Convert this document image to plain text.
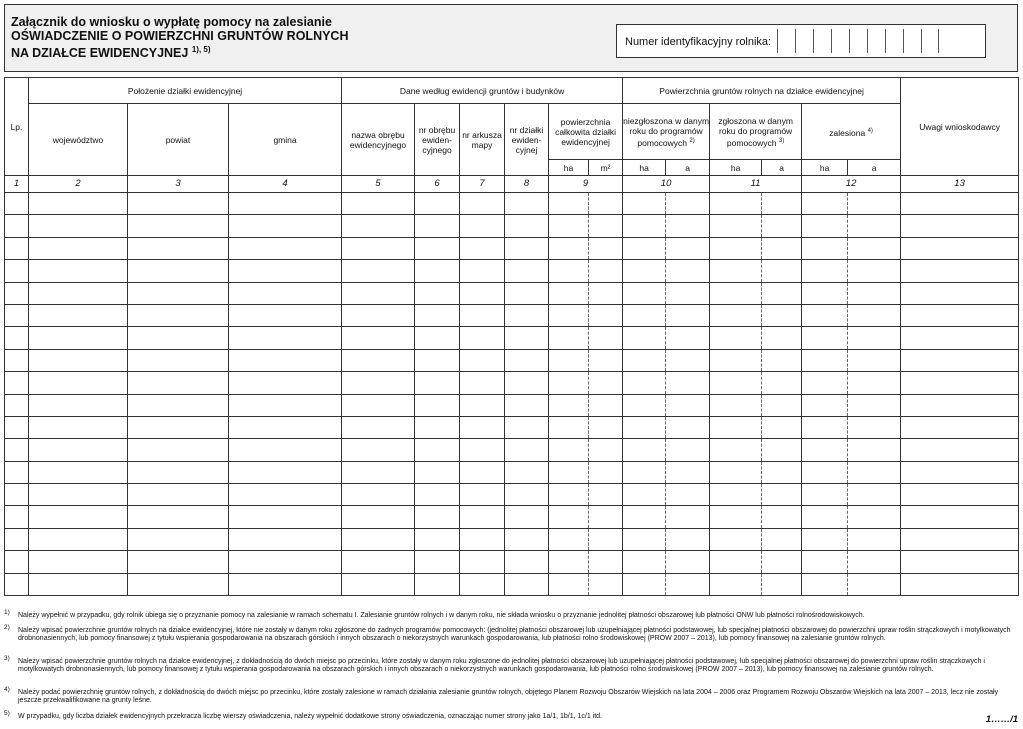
Załącznik do wniosku o wypłatę pomocy na zalesianie
OŚWIADCZENIE O POWIERZCHNI GRUNTÓW ROLNYCH
NA DZIAŁCE EWIDENCYJNEJ $^{1), 5)}$
Numer identyfikacyjny rolnika:
Lp.	Położenie działki ewidencyjnej			Dane według ewidencji gruntów i budynków						Powierzchnia gruntów rolnych na działce ewidencyjnej						Uwagi wnioskodawcy
	województwo	powiat	gmina	nazwa obrębu ewidencyjnego	nr obrębu ewiden-cyjnego	nr arkusza mapy	nr działki ewiden-cyjnej	powierzchnia całkowita działki ewidencyjnej		niezgłoszona w danym roku do programów pomocowych $^{2)}$		zgłoszona w danym roku do programów pomocowych $^{3)}$		zalesiona $^{4)}$
								ha	m²	ha	a	ha	a	ha	a	
1	2	3	4	5	6	7	8	9		10		11		12		13

1) Należy wypełnić w przypadku, gdy rolnik ubiega się o przyznanie pomocy na zalesianie w ramach schematu I. Zalesianie gruntów rolnych i w danym roku, nie składa wniosku o przyznanie jednolitej płatności obszarowej lub płatności ONW lub płatności rolnośrodowiskowych.
2) Należy wpisać powierzchnie gruntów rolnych na działce ewidencyjnej, które nie zostały w danym roku zgłoszone do żadnych programów pomocowych: (jednolitej płatności obszarowej lub uzupełniającej płatności podstawowej, lub specjalnej płatności obszarowej do powierzchni upraw roślin strączkowych i motylkowatych drobnonasiennych, lub pomocy finansowej z tytułu wspierania gospodarowania na obszarach górskich i innych obszarach o niekorzystnych warunkach gospodarowania, lub płatności rolno środowiskowej (PROW 2007 – 2013), lub pomocy finansowej na zalesianie gruntów rolnych.
3) Należy wpisać powierzchnie gruntów rolnych na działce ewidencyjnej, z dokładnością do dwóch miejsc po przecinku, które zostały w danym roku zgłoszone do jednolitej płatności obszarowej lub uzupełniającej płatności podstawowej, lub specjalnej płatności obszarowej do powierzchni upraw roślin strączkowych i motylkowatych drobnonasiennych, lub pomocy finansowej z tytułu wspierania gospodarowania na obszarach górskich i innych obszarach o niekorzystnych warunkach gospodarowania, lub płatności rolno środowiskowej (PROW 2007 – 2013), lub pomocy finansowej na zalesianie gruntów rolnych.
4) Należy podać powierzchnię gruntów rolnych, z dokładnością do dwóch miejsc po przecinku, które zostały zalesione w ramach działania zalesianie gruntów rolnych, objętego Planem Rozwoju Obszarów Wiejskich na lata 2004 – 2006 oraz Programem Rozwoju Obszarów Wiejskich na lata 2007 – 2013, lecz nie zostały jeszcze przekwalifikowane na grunty leśne.
5) W przypadku, gdy liczba działek ewidencyjnych przekracza liczbę wierszy oświadczenia, należy wypełnić dodatkowe strony oświadczenia, oznaczając numer strony jako 1a/1, 1b/1, 1c/1 itd.	1……/1
